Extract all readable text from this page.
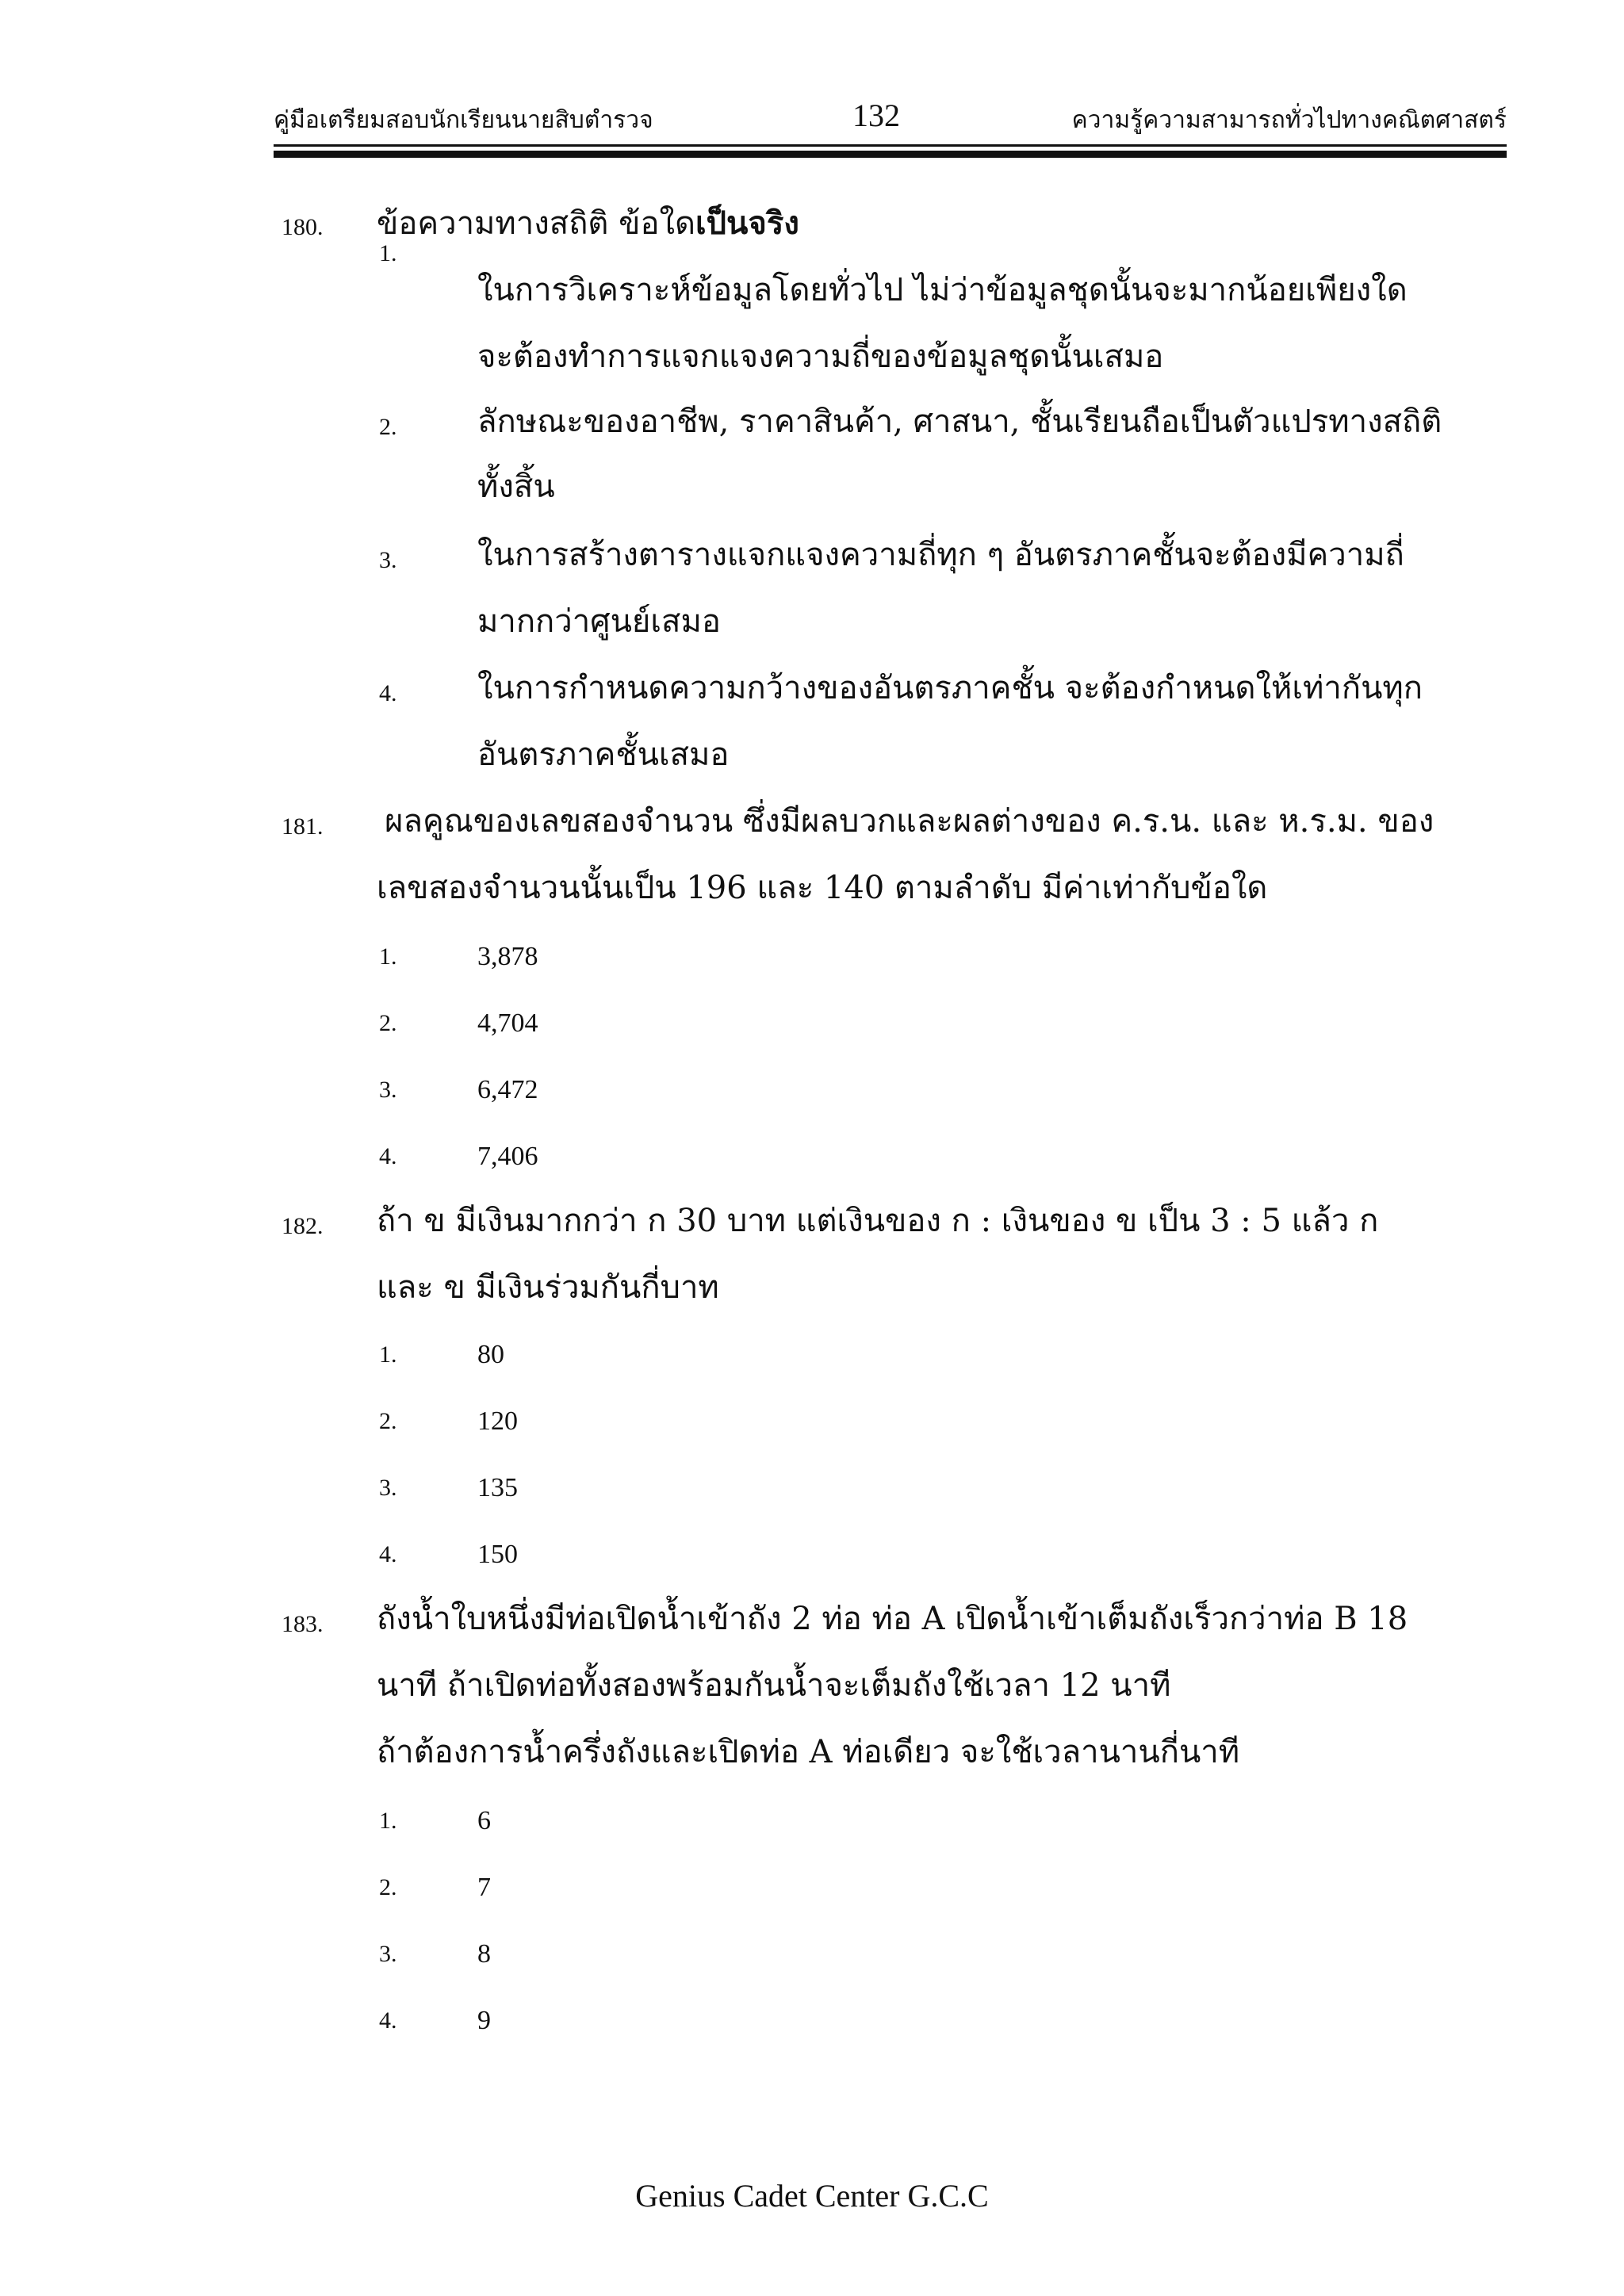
คู่มือเตรียมสอบนักเรียนนายสิบตำรวจ	132	ความรู้ความสามารถทั่วไปทางคณิตศาสตร์
180. ข้อความทางสถิติ ข้อใดเป็นจริง
1.
ในการวิเคราะห์ข้อมูลโดยทั่วไป ไม่ว่าข้อมูลชุดนั้นจะมากน้อยเพียงใด
จะต้องทำการแจกแจงความถี่ของข้อมูลชุดนั้นเสมอ
2.	ลักษณะของอาชีพ, ราคาสินค้า, ศาสนา, ชั้นเรียนถือเป็นตัวแปรทางสถิติ
ทั้งสิ้น
3.	ในการสร้างตารางแจกแจงความถี่ทุก ๆ อันตรภาคชั้นจะต้องมีความถี่
มากกว่าศูนย์เสมอ
4.	ในการกำหนดความกว้างของอันตรภาคชั้น จะต้องกำหนดให้เท่ากันทุก
อันตรภาคชั้นเสมอ
181. ผลคูณของเลขสองจำนวน ซึ่งมีผลบวกและผลต่างของ ค.ร.น. และ ห.ร.ม. ของ
เลขสองจำนวนนั้นเป็น 196 และ 140 ตามลำดับ มีค่าเท่ากับข้อใด
1.	3,878
2.	4,704
3.	6,472
4.	7,406
182. ถ้า ข มีเงินมากกว่า ก 30 บาท แต่เงินของ ก : เงินของ ข เป็น 3 : 5 แล้ว ก
และ ข มีเงินร่วมกันกี่บาท
1.	80
2.	120
3.	135
4.	150
183. ถังน้ำใบหนึ่งมีท่อเปิดน้ำเข้าถัง 2 ท่อ ท่อ A เปิดน้ำเข้าเต็มถังเร็วกว่าท่อ B 18
นาที ถ้าเปิดท่อทั้งสองพร้อมกันน้ำจะเต็มถังใช้เวลา 12 นาที
ถ้าต้องการน้ำครึ่งถังและเปิดท่อ A ท่อเดียว จะใช้เวลานานกี่นาที
1.	6
2.	7
3.	8
4.	9
Genius Cadet Center G.C.C
